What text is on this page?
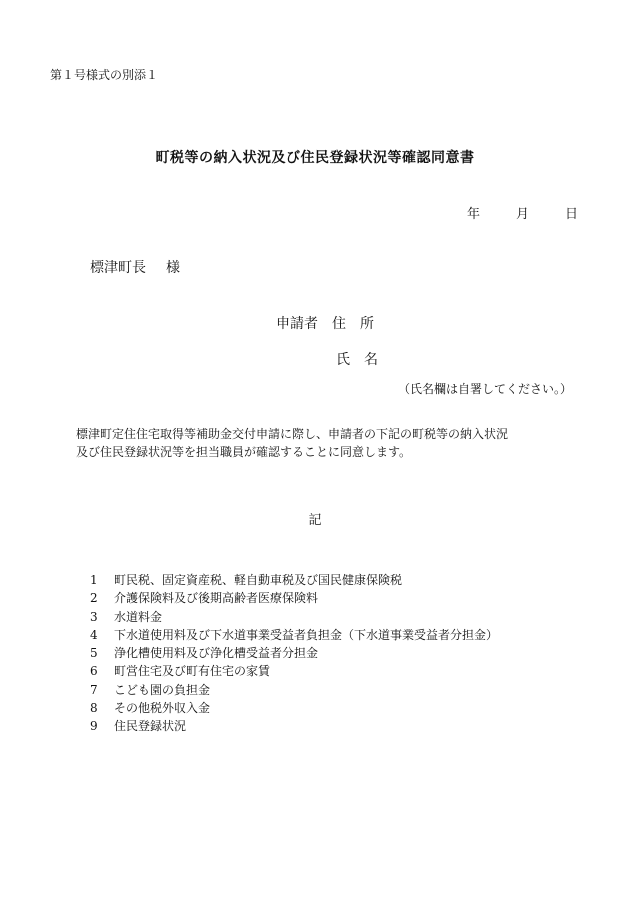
第１号様式の別添１
町税等の納入状況及び住民登録状況等確認同意書
年	月	日
標津町長 様
申請者 住　所
氏　名
（氏名欄は自署してください。）

標津町定住住宅取得等補助金交付申請に際し、申請者の下記の町税等の納入状況

及び住民登録状況等を担当職員が確認することに同意します。

記
1	町民税、固定資産税、軽自動車税及び国民健康保険税
2	介護保険料及び後期高齢者医療保険料
3	水道料金
4	下水道使用料及び下水道事業受益者負担金（下水道事業受益者分担金）
5	浄化槽使用料及び浄化槽受益者分担金
6	町営住宅及び町有住宅の家賃
7	こども園の負担金
8	その他税外収入金
9	住民登録状況
